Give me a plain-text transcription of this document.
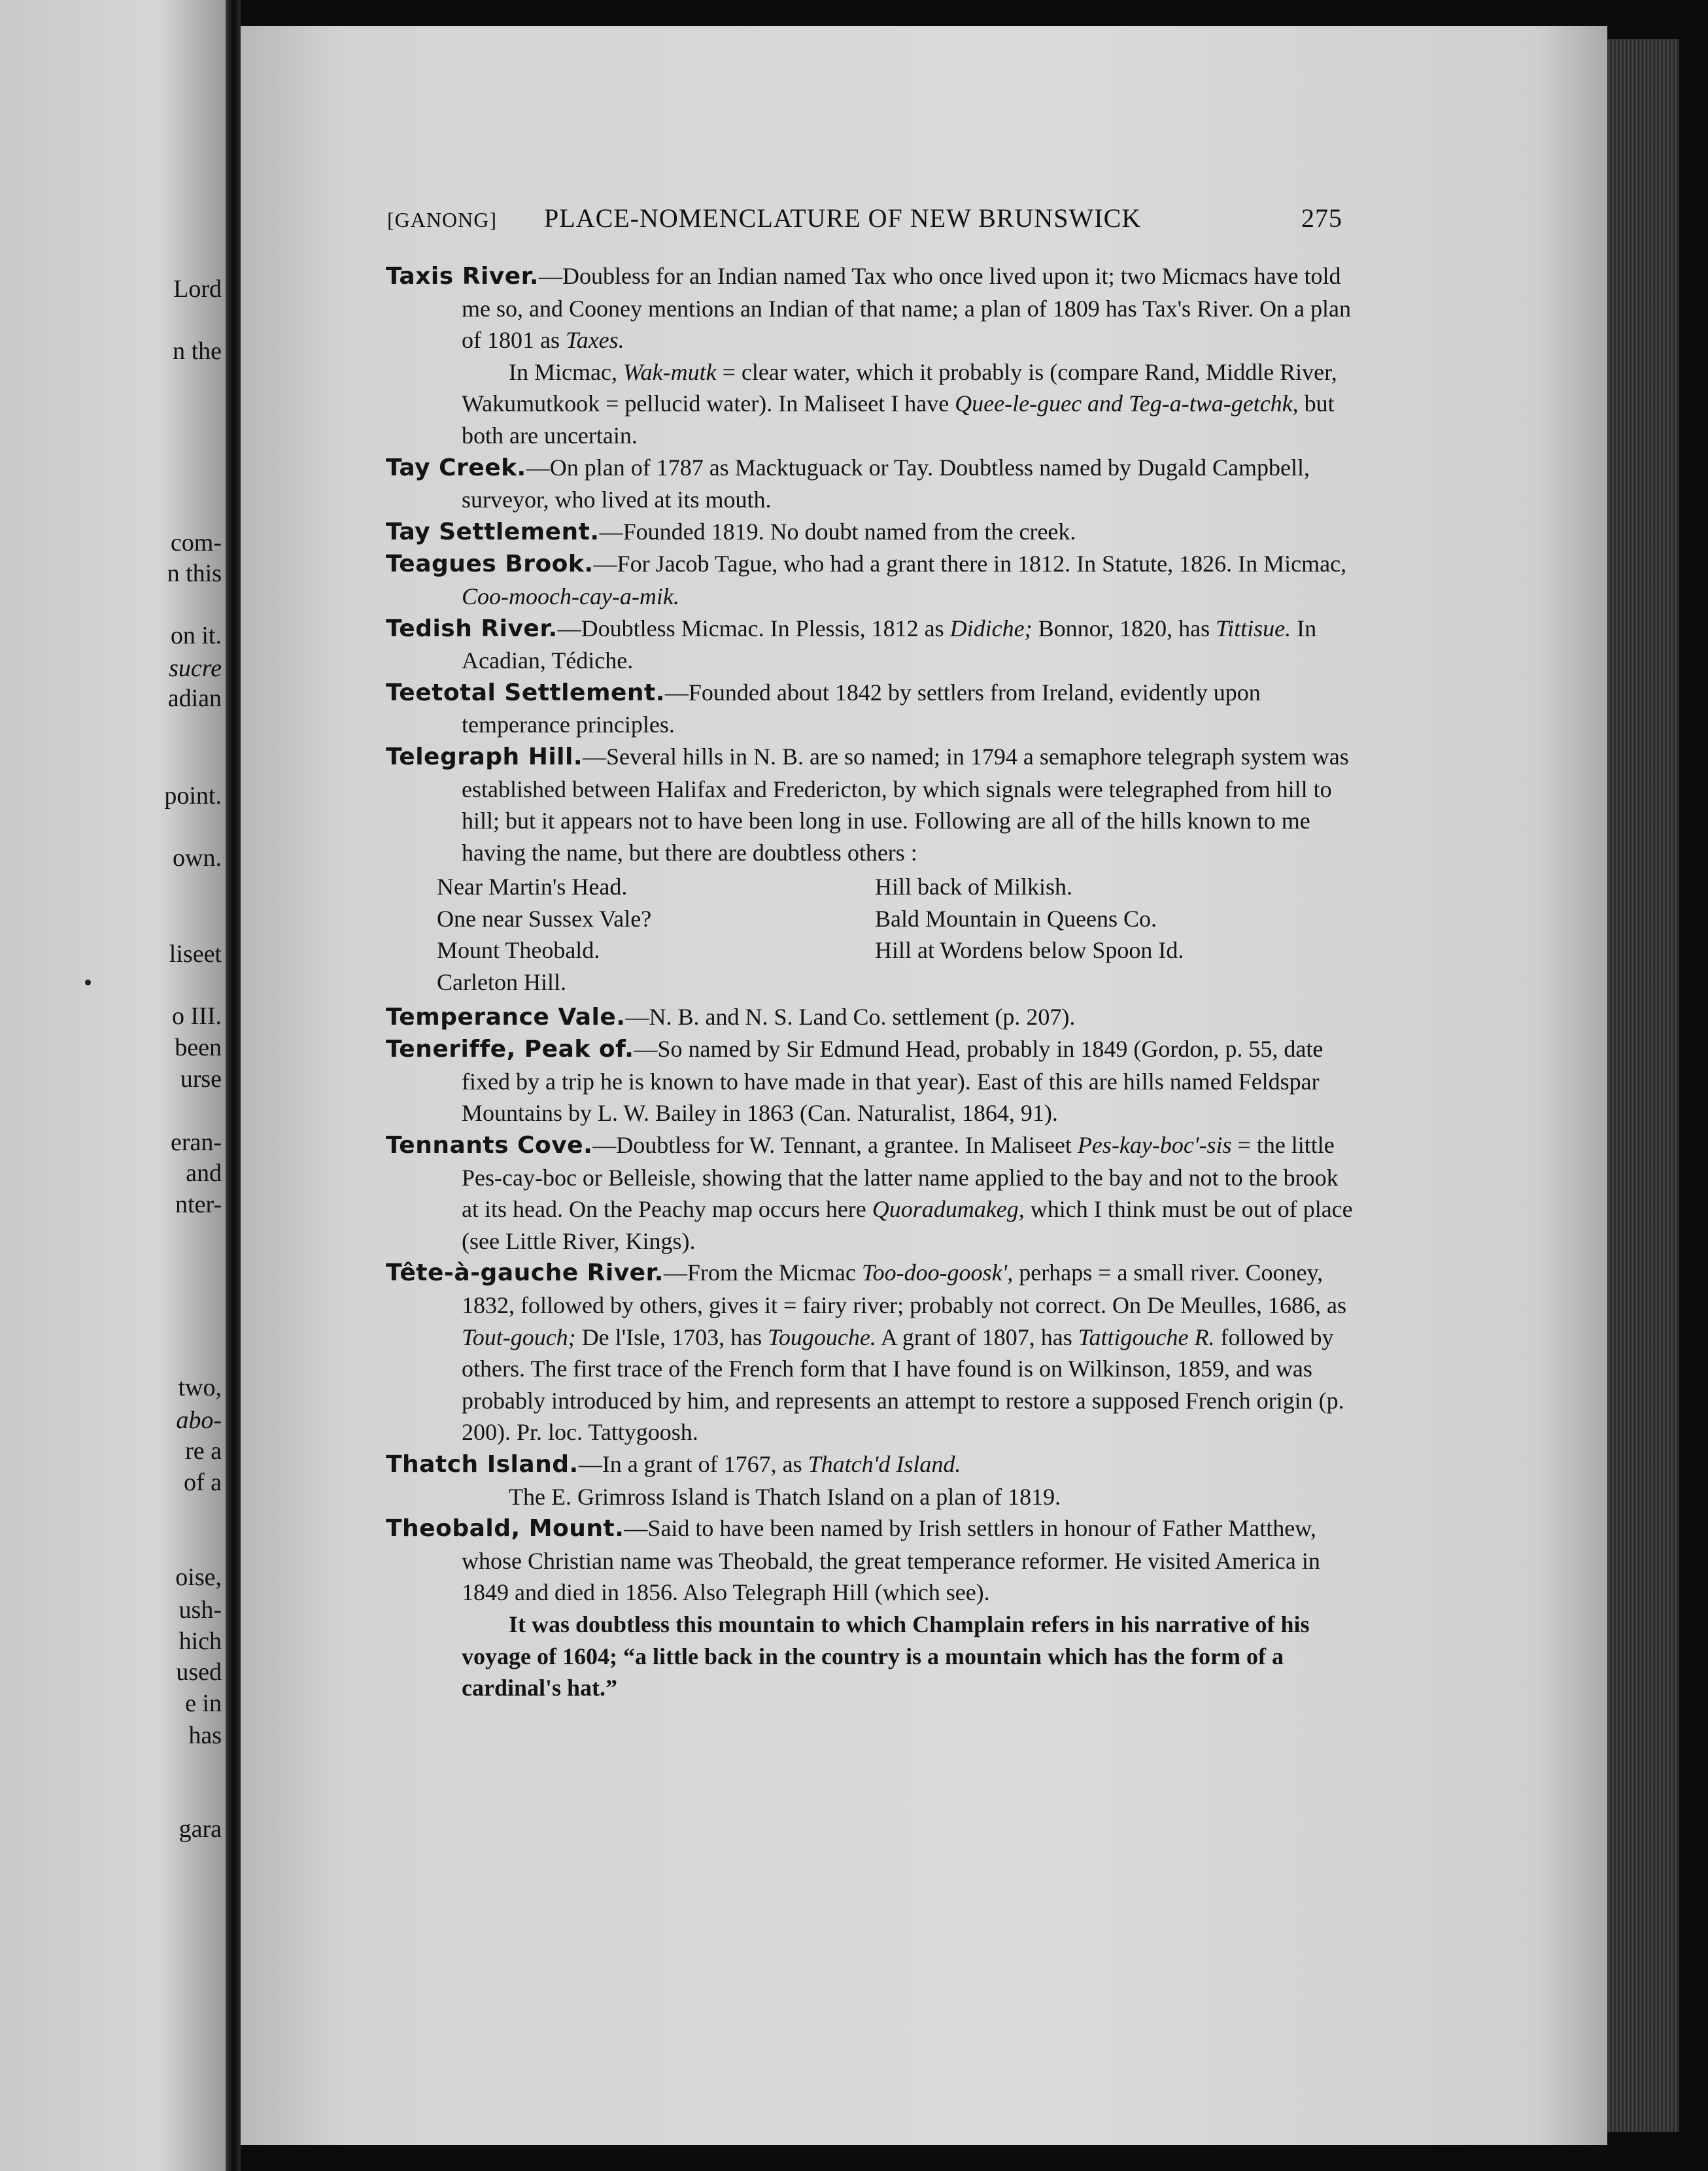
Lord
n the
com-
n this
on it.
sucre
adian
point.
own.
liseet
o III.
been
urse
eran-
and
nter-
two,
abo-
re a
of a
oise,
ush-
hich
used
e in
has
gara
[GANONG] PLACE-NOMENCLATURE OF NEW BRUNSWICK	275

Taxis River.—Doubless for an Indian named Tax who once lived upon it; two Micmacs have told me so, and Cooney mentions an Indian of that name; a plan of 1809 has Tax's River. On a plan of 1801 as Taxes.

In Micmac, Wak-mutk = clear water, which it probably is (compare Rand, Middle River, Wakumutkook = pellucid water). In Maliseet I have Quee-le-guec and Teg-a-twa-getchk, but both are uncertain.

Tay Creek.—On plan of 1787 as Macktuguack or Tay. Doubtless named by Dugald Campbell, surveyor, who lived at its mouth.

Tay Settlement.—Founded 1819. No doubt named from the creek.

Teagues Brook.—For Jacob Tague, who had a grant there in 1812. In Statute, 1826. In Micmac, Coo-mooch-cay-a-mik.

Tedish River.—Doubtless Micmac. In Plessis, 1812 as Didiche; Bonnor, 1820, has Tittisue. In Acadian, Tédiche.

Teetotal Settlement.—Founded about 1842 by settlers from Ireland, evidently upon temperance principles.

Telegraph Hill.—Several hills in N. B. are so named; in 1794 a semaphore telegraph system was established between Halifax and Fredericton, by which signals were telegraphed from hill to hill; but it appears not to have been long in use. Following are all of the hills known to me having the name, but there are doubtless others :

Near Martin's Head.	Hill back of Milkish.
One near Sussex Vale?	Bald Mountain in Queens Co.
Mount Theobald.	Hill at Wordens below Spoon Id.
Carleton Hill.

Temperance Vale.—N. B. and N. S. Land Co. settlement (p. 207).

Teneriffe, Peak of.—So named by Sir Edmund Head, probably in 1849 (Gordon, p. 55, date fixed by a trip he is known to have made in that year). East of this are hills named Feldspar Mountains by L. W. Bailey in 1863 (Can. Naturalist, 1864, 91).

Tennants Cove.—Doubtless for W. Tennant, a grantee. In Maliseet Pes-kay-boc'-sis = the little Pes-cay-boc or Belleisle, showing that the latter name applied to the bay and not to the brook at its head. On the Peachy map occurs here Quoradumakeg, which I think must be out of place (see Little River, Kings).

Tête-à-gauche River.—From the Micmac Too-doo-goosk', perhaps = a small river. Cooney, 1832, followed by others, gives it = fairy river; probably not correct. On De Meulles, 1686, as Tout-gouch; De l'Isle, 1703, has Tougouche. A grant of 1807, has Tattigouche R. followed by others. The first trace of the French form that I have found is on Wilkinson, 1859, and was probably introduced by him, and represents an attempt to restore a supposed French origin (p. 200). Pr. loc. Tattygoosh.

Thatch Island.—In a grant of 1767, as Thatch'd Island.

The E. Grimross Island is Thatch Island on a plan of 1819.

Theobald, Mount.—Said to have been named by Irish settlers in honour of Father Matthew, whose Christian name was Theobald, the great temperance reformer. He visited America in 1849 and died in 1856. Also Telegraph Hill (which see).

It was doubtless this mountain to which Champlain refers in his narrative of his voyage of 1604; “a little back in the country is a mountain which has the form of a cardinal's hat.”
